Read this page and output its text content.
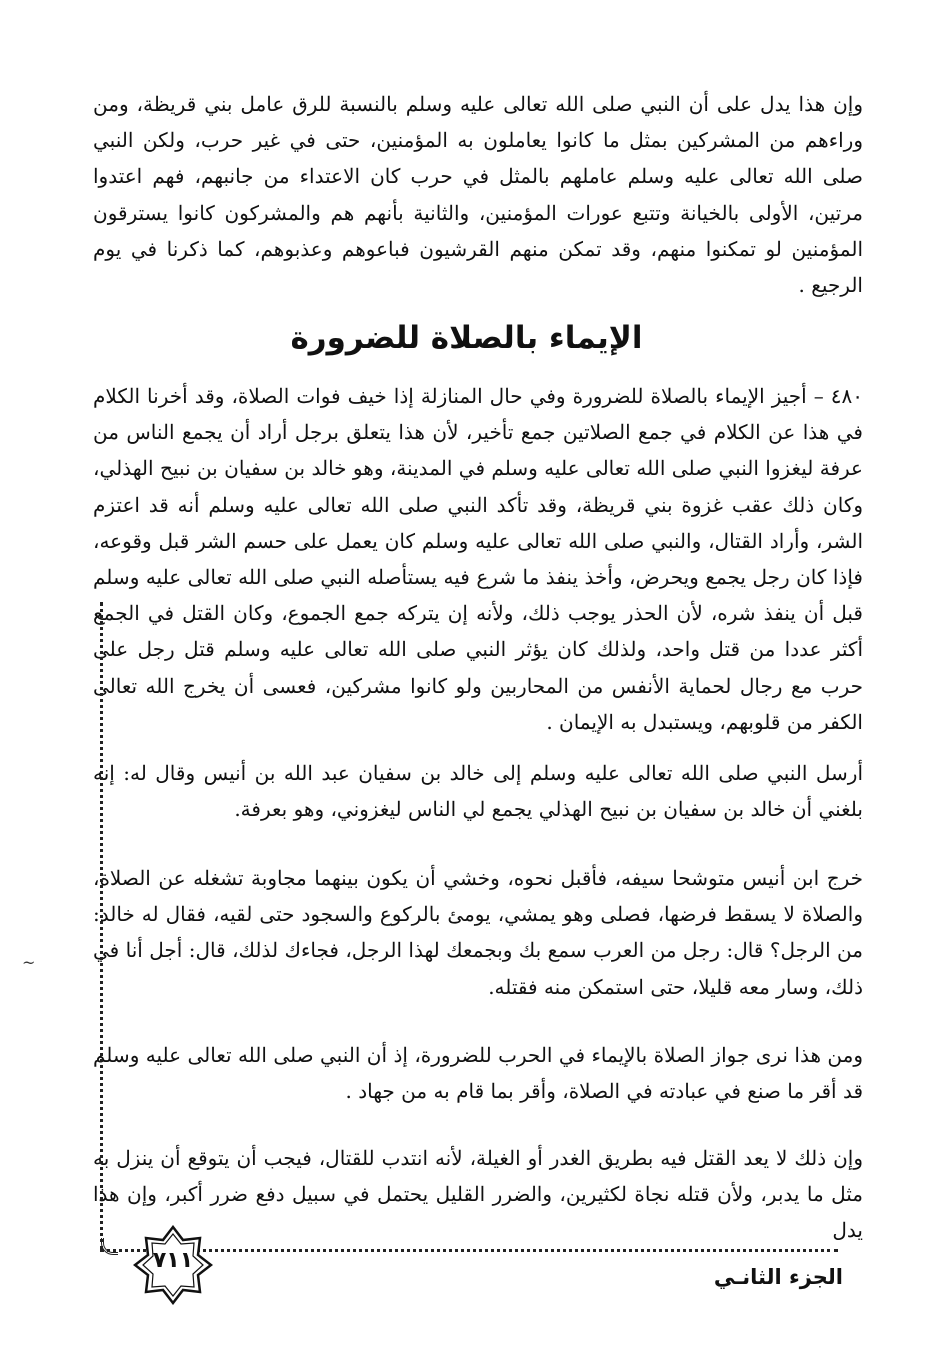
وإن هذا يدل على أن النبي صلى الله تعالى عليه وسلم بالنسبة للرق عامل بني قريظة، ومن وراءهم من المشركين بمثل ما كانوا يعاملون به المؤمنين، حتى في غير حرب، ولكن النبي صلى الله تعالى عليه وسلم عاملهم بالمثل في حرب كان الاعتداء من جانبهم، فهم اعتدوا مرتين، الأولى بالخيانة وتتبع عورات المؤمنين، والثانية بأنهم هم والمشركون كانوا يسترقون المؤمنين لو تمكنوا منهم، وقد تمكن منهم القرشيون فباعوهم وعذبوهم، كما ذكرنا في يوم الرجيع .

الإيماء بالصلاة للضرورة

٤٨٠ – أجيز الإيماء بالصلاة للضرورة وفي حال المنازلة إذا خيف فوات الصلاة، وقد أخرنا الكلام في هذا عن الكلام في جمع الصلاتين جمع تأخير، لأن هذا يتعلق برجل أراد أن يجمع الناس من عرفة ليغزوا النبي صلى الله تعالى عليه وسلم في المدينة، وهو خالد بن سفيان بن نبيح الهذلي، وكان ذلك عقب غزوة بني قريظة، وقد تأكد النبي صلى الله تعالى عليه وسلم أنه قد اعتزم الشر، وأراد القتال، والنبي صلى الله تعالى عليه وسلم كان يعمل على حسم الشر قبل وقوعه، فإذا كان رجل يجمع ويحرض، وأخذ ينفذ ما شرع فيه يستأصله النبي صلى الله تعالى عليه وسلم قبل أن ينفذ شره، لأن الحذر يوجب ذلك، ولأنه إن يتركه جمع الجموع، وكان القتل في الجمع أكثر عددا من قتل واحد، ولذلك كان يؤثر النبي صلى الله تعالى عليه وسلم قتل رجل على حرب مع رجال لحماية الأنفس من المحاربين ولو كانوا مشركين، فعسى أن يخرج الله تعالى الكفر من قلوبهم، ويستبدل به الإيمان .

أرسل النبي صلى الله تعالى عليه وسلم إلى خالد بن سفيان عبد الله بن أنيس وقال له: إنه بلغني أن خالد بن سفيان بن نبيح الهذلي يجمع لي الناس ليغزوني، وهو بعرفة.

خرج ابن أنيس متوشحا سيفه، فأقبل نحوه، وخشي أن يكون بينهما مجاوبة تشغله عن الصلاة، والصلاة لا يسقط فرضها، فصلى وهو يمشي، يومئ بالركوع والسجود حتى لقيه، فقال له خالد: من الرجل؟ قال: رجل من العرب سمع بك وبجمعك لهذا الرجل، فجاءك لذلك، قال: أجل أنا في ذلك، وسار معه قليلا، حتى استمكن منه فقتله.

ومن هذا نرى جواز الصلاة بالإيماء في الحرب للضرورة، إذ أن النبي صلى الله تعالى عليه وسلم قد أقر ما صنع في عبادته في الصلاة، وأقر بما قام به من جهاد .

وإن ذلك لا يعد القتل فيه بطريق الغدر أو الغيلة، لأنه انتدب للقتال، فيجب أن يتوقع أن ينزل به مثل ما يدبر، ولأن قتله نجاة لكثيرين، والضرر القليل يحتمل في سبيل دفع ضرر أكبر، وإن هذا يدل

٧١١
الجزء الثانـي
~
